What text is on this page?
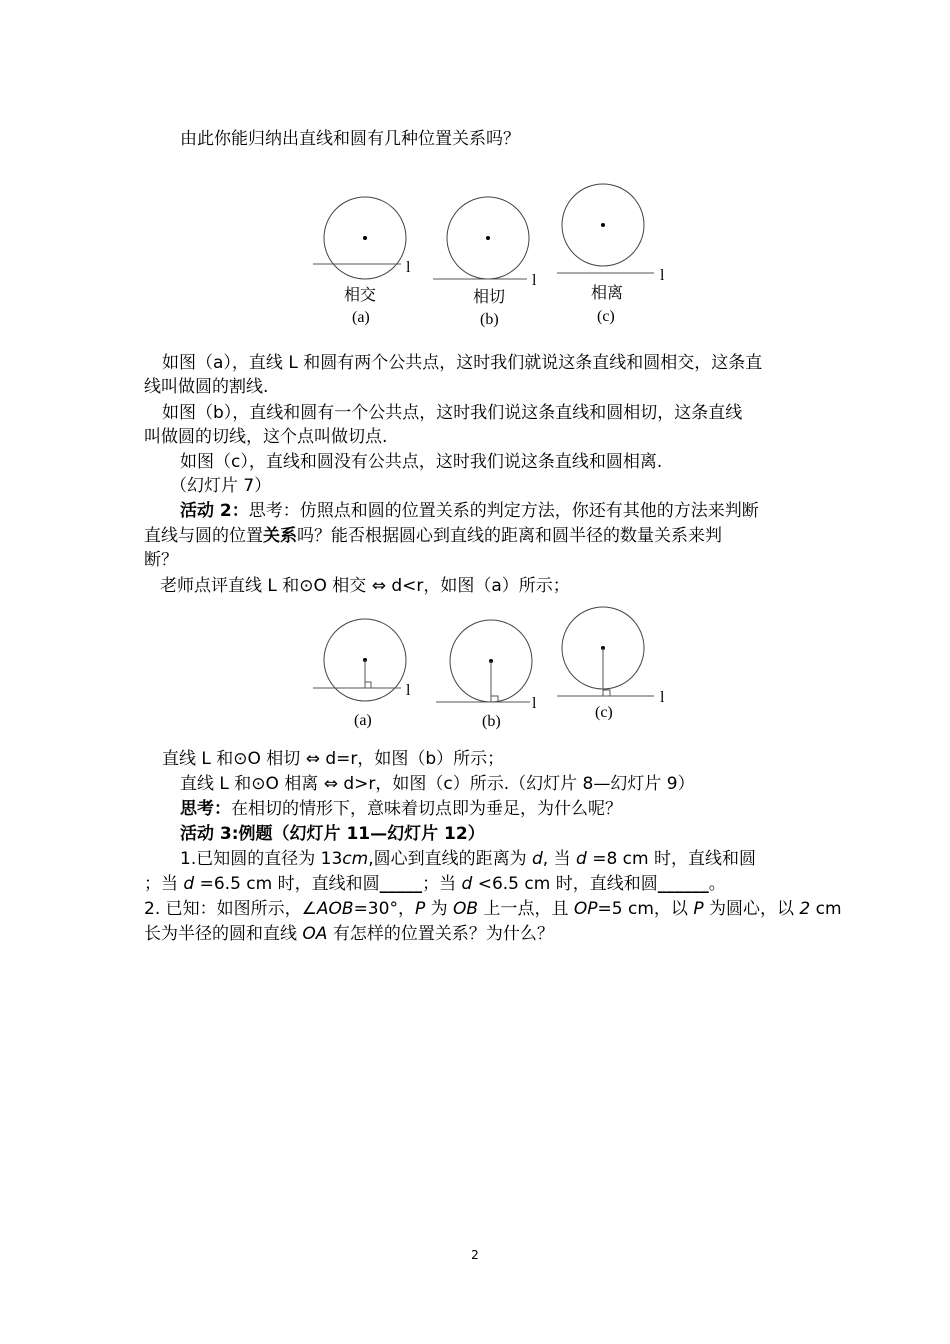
由此你能归纳出直线和圆有几种位置关系吗？
l
l	l
相交	相切	相离
(a)	(b)	(c)
如图（a），直线 L 和圆有两个公共点，这时我们就说这条直线和圆相交，这条直
线叫做圆的割线.
如图（b），直线和圆有一个公共点，这时我们说这条直线和圆相切，这条直线
叫做圆的切线，这个点叫做切点.
如图（c），直线和圆没有公共点，这时我们说这条直线和圆相离.
（幻灯片 7）
活动 2：思考：仿照点和圆的位置关系的判定方法，你还有其他的方法来判断
直线与圆的位置关系吗？能否根据圆心到直线的距离和圆半径的数量关系来判
断？
老师点评直线 L 和⊙O 相交 ⇔ d<r，如图（a）所示；
l
l	l
(a)	(b)
(c)
直线 L 和⊙O 相切 ⇔ d=r，如图（b）所示；
直线 L 和⊙O 相离 ⇔ d>r，如图（c）所示.（幻灯片 8—幻灯片 9）
思考：在相切的情形下，意味着切点即为垂足，为什么呢？
活动 3:例题（幻灯片 11—幻灯片 12）
1.已知圆的直径为 13cm,圆心到直线的距离为 d, 当 d =8 cm 时，直线和圆
；当 d =6.5 cm 时，直线和圆_____；当 d <6.5 cm 时，直线和圆______。
2. 已知：如图所示，∠AOB=30°，P 为 OB 上一点，且 OP=5 cm，以 P 为圆心，以 2 cm
长为半径的圆和直线 OA 有怎样的位置关系？为什么？
2
